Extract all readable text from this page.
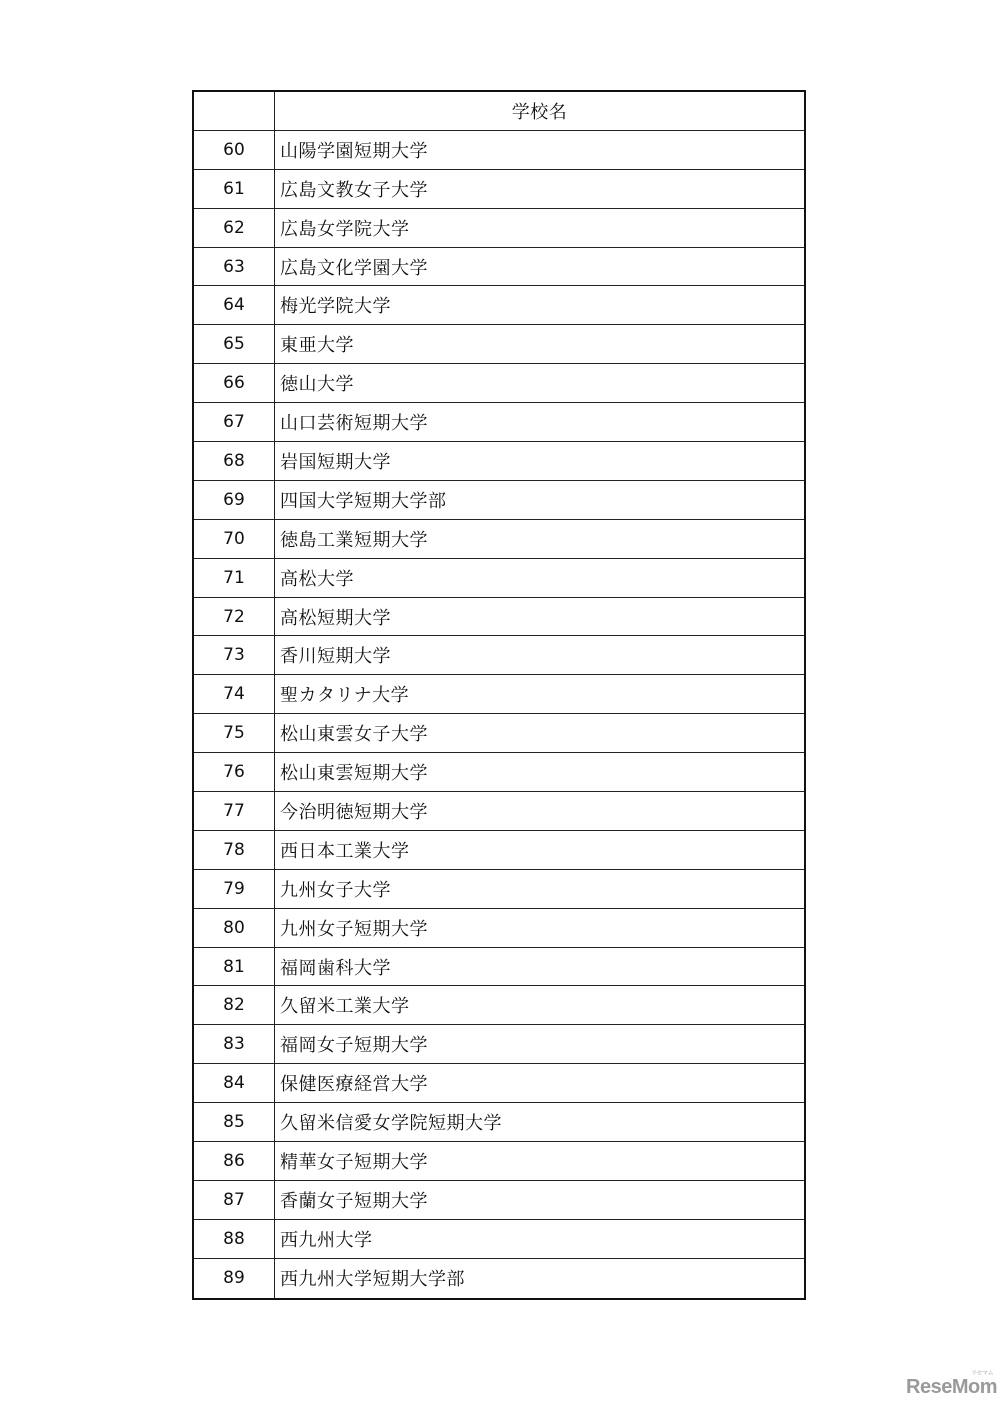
学校名
60	山陽学園短期大学
61	広島文教女子大学
62	広島女学院大学
63	広島文化学園大学
64	梅光学院大学
65	東亜大学
66	徳山大学
67	山口芸術短期大学
68	岩国短期大学
69	四国大学短期大学部
70	徳島工業短期大学
71	高松大学
72	高松短期大学
73	香川短期大学
74	聖カタリナ大学
75	松山東雲女子大学
76	松山東雲短期大学
77	今治明徳短期大学
78	西日本工業大学
79	九州女子大学
80	九州女子短期大学
81	福岡歯科大学
82	久留米工業大学
83	福岡女子短期大学
84	保健医療経営大学
85	久留米信愛女学院短期大学
86	精華女子短期大学
87	香蘭女子短期大学
88	西九州大学
89	西九州大学短期大学部
ReseMom
リセマム
